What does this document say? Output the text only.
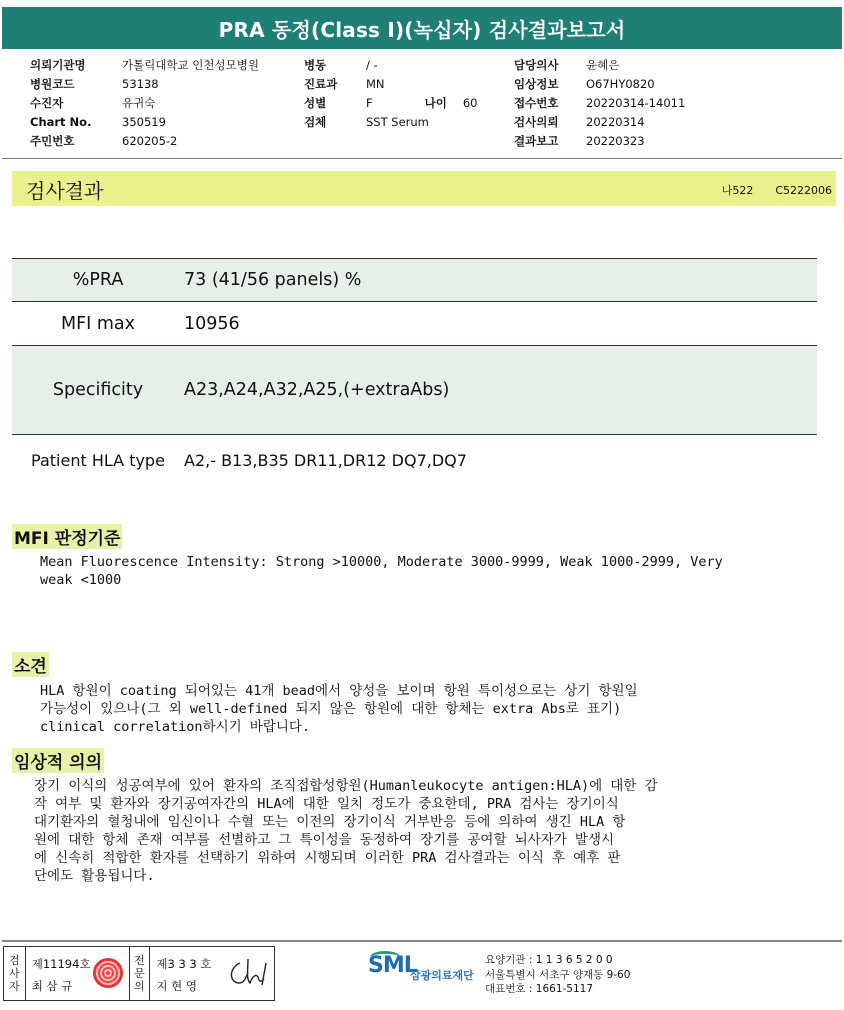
PRA 동정(Class I)(녹십자) 검사결과보고서
의뢰기관명	가톨릭대학교 인천성모병원
병원코드	53138
수진자	유귀숙
Chart No.	350519
주민번호	620205-2
병동	/ -
진료과 MN
성별	F	나이 60
검체	SST Serum
담당의사 윤혜은
임상정보 O67HY0820
접수번호 20220314-14011
검사의뢰 20220314
결과보고 20220323
검사결과	나522 C5222006
%PRA	73 (41/56 panels) %
MFI max	10956
Specificity	A23,A24,A32,A25,(+extraAbs)
Patient HLA type	A2,- B13,B35 DR11,DR12 DQ7,DQ7
MFI 판정기준
Mean Fluorescence Intensity: Strong >10000, Moderate 3000-9999, Weak 1000-2999, Very
weak <1000
소견
HLA 항원이 coating 되어있는 41개 bead에서 양성을 보이며 항원 특이성으로는 상기 항원일
가능성이 있으나(그 외 well-defined 되지 않은 항원에 대한 항체는 extra Abs로 표기)
clinical correlation하시기 바랍니다.
임상적 의의
장기 이식의 성공여부에 있어 환자의 조직접합성항원(Humanleukocyte antigen:HLA)에 대한 감
작 여부 및 환자와 장기공여자간의 HLA에 대한 일치 정도가 중요한데, PRA 검사는 장기이식
대기환자의 혈청내에 임신이나 수혈 또는 이전의 장기이식 거부반응 등에 의하여 생긴 HLA 항
원에 대한 항체 존재 여부를 선별하고 그 특이성을 동정하여 장기를 공여할 뇌사자가 발생시
에 신속히 적합한 환자를 선택하기 위하여 시행되며 이러한 PRA 검사결과는 이식 후 예후 판
단에도 활용됩니다.
검
사
자
제11194호
최 삼 규
전
문
의
제3 3 3 호
지 현 영
SML
삼광의료재단
요양기관 : 1 1 3 6 5 2 0 0
서울특별시 서초구 양재동 9-60
대표번호 : 1661-5117
